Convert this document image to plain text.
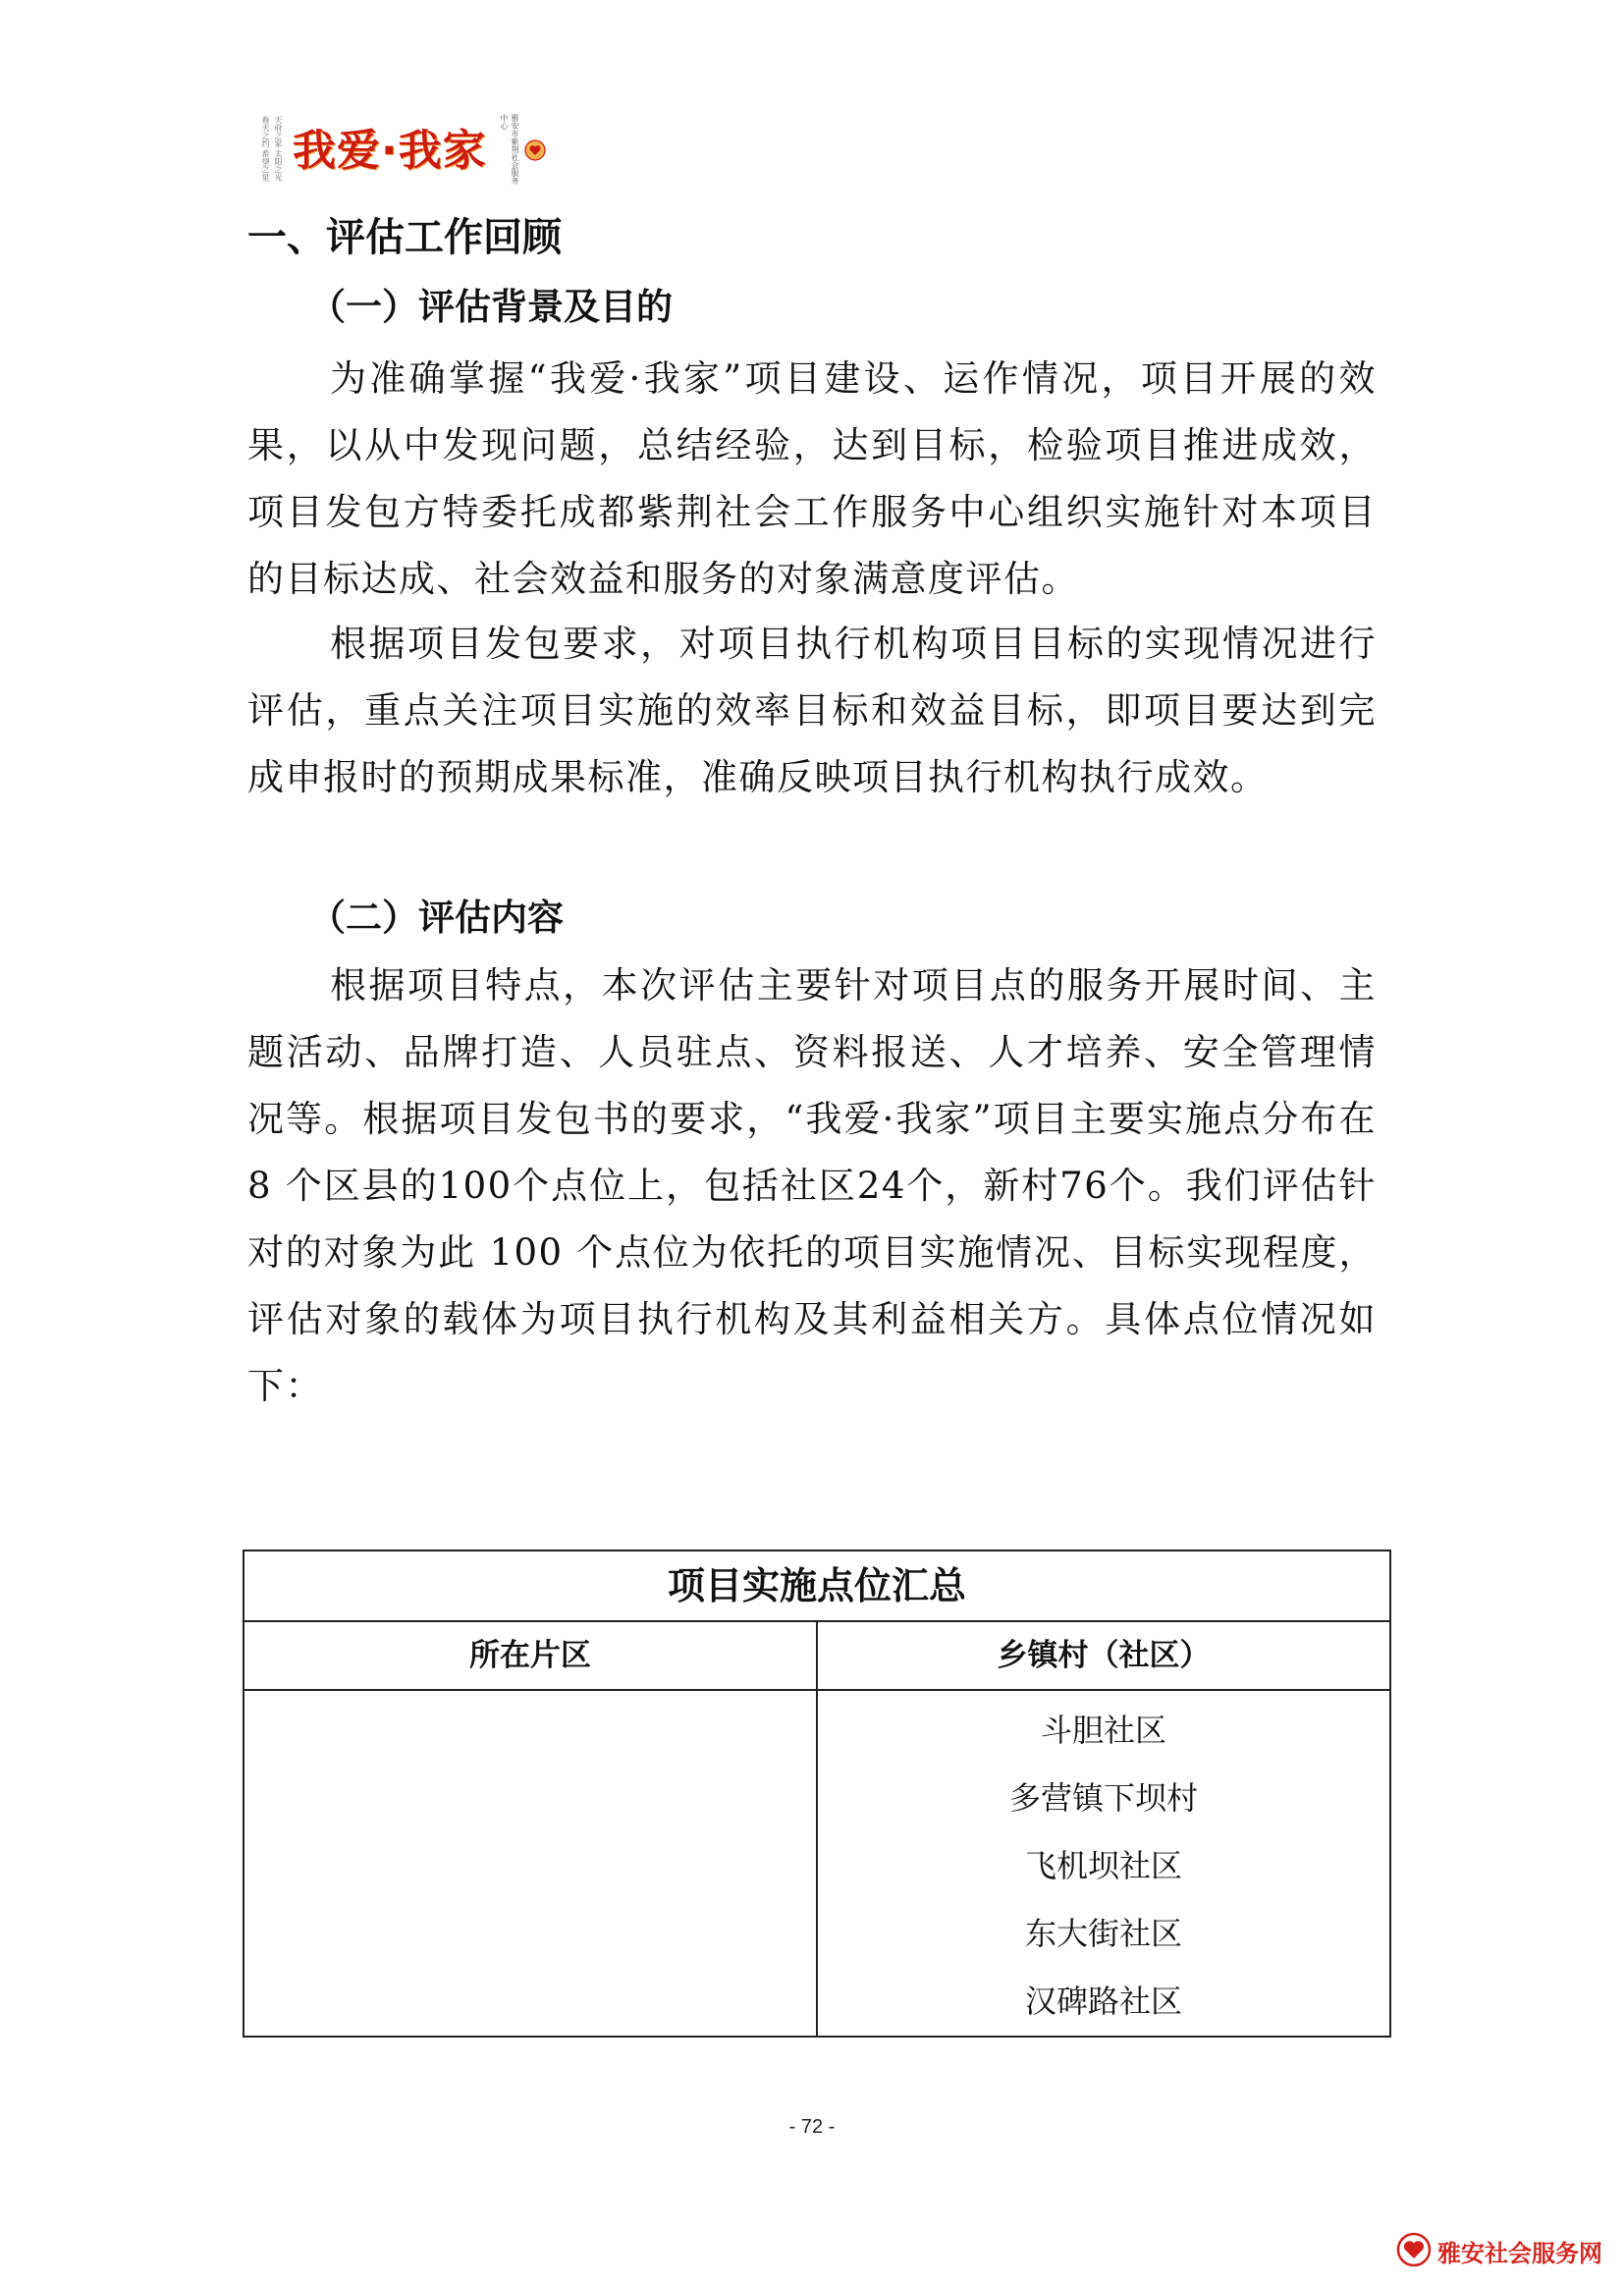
天府之家 太阳之光 春天之约 希望之星 我爱·我家	雅安市紫荆社会服务中心
一、评估工作回顾
（一）评估背景及目的

为准确掌握“我爱·我家”项目建设、运作情况，项目开展的效果，以从中发现问题，总结经验，达到目标，检验项目推进成效，项目发包方特委托成都紫荆社会工作服务中心组织实施针对本项目的目标达成、社会效益和服务的对象满意度评估。

根据项目发包要求，对项目执行机构项目目标的实现情况进行评估，重点关注项目实施的效率目标和效益目标，即项目要达到完成申报时的预期成果标准，准确反映项目执行机构执行成效。

（二）评估内容

根据项目特点，本次评估主要针对项目点的服务开展时间、主题活动、品牌打造、人员驻点、资料报送、人才培养、安全管理情况等。根据项目发包书的要求，“我爱·我家”项目主要实施点分布在8 个区县的100个点位上，包括社区24个，新村76个。我们评估针对的对象为此 100 个点位为依托的项目实施情况、目标实现程度，评估对象的载体为项目执行机构及其利益相关方。具体点位情况如下：

项目实施点位汇总	
所在片区	乡镇村（社区）

	斗胆社区
多营镇下坝村
飞机坝社区
东大街社区
汉碑路社区
- 72 -
雅安社会服务网
